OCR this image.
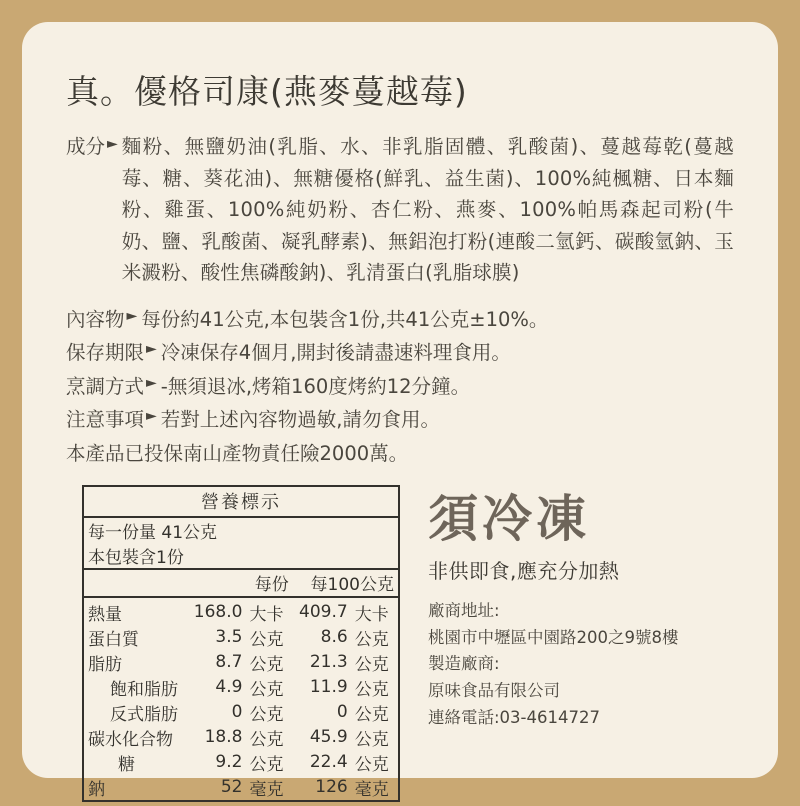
真。優格司康(燕麥蔓越莓)
成分 ► 麵粉、無鹽奶油(乳脂、水、非乳脂固體、乳酸菌)、蔓越莓乾(蔓越莓、糖、葵花油)、無糖優格(鮮乳、益生菌)、100%純楓糖、日本麵粉、雞蛋、100%純奶粉、杏仁粉、燕麥、100%帕馬森起司粉(牛奶、鹽、乳酸菌、凝乳酵素)、無鋁泡打粉(連酸二氫鈣、碳酸氫鈉、玉米澱粉、酸性焦磷酸鈉)、乳清蛋白(乳脂球膜)
內容物 ► 每份約41公克,本包裝含1份,共41公克±10%。
保存期限 ► 冷凍保存4個月,開封後請盡速料理食用。
烹調方式 ► -無須退冰,烤箱160度烤約12分鐘。
注意事項 ► 若對上述內容物過敏,請勿食用。
本產品已投保南山產物責任險2000萬。
營養標示				
每一份量 41公克				
本包裝含1份				
	每份		每100公克	
熱量	168.0	大卡	409.7	大卡
蛋白質	3.5	公克	8.6	公克
脂肪	8.7	公克	21.3	公克
飽和脂肪	4.9	公克	11.9	公克
反式脂肪	0	公克	0	公克
碳水化合物	18.8	公克	45.9	公克
糖	9.2	公克	22.4	公克
鈉	52	毫克	126	毫克
須冷凍
非供即食,應充分加熱
廠商地址:
桃園市中壢區中園路200之9號8樓
製造廠商:
原味食品有限公司
連絡電話:03-4614727
